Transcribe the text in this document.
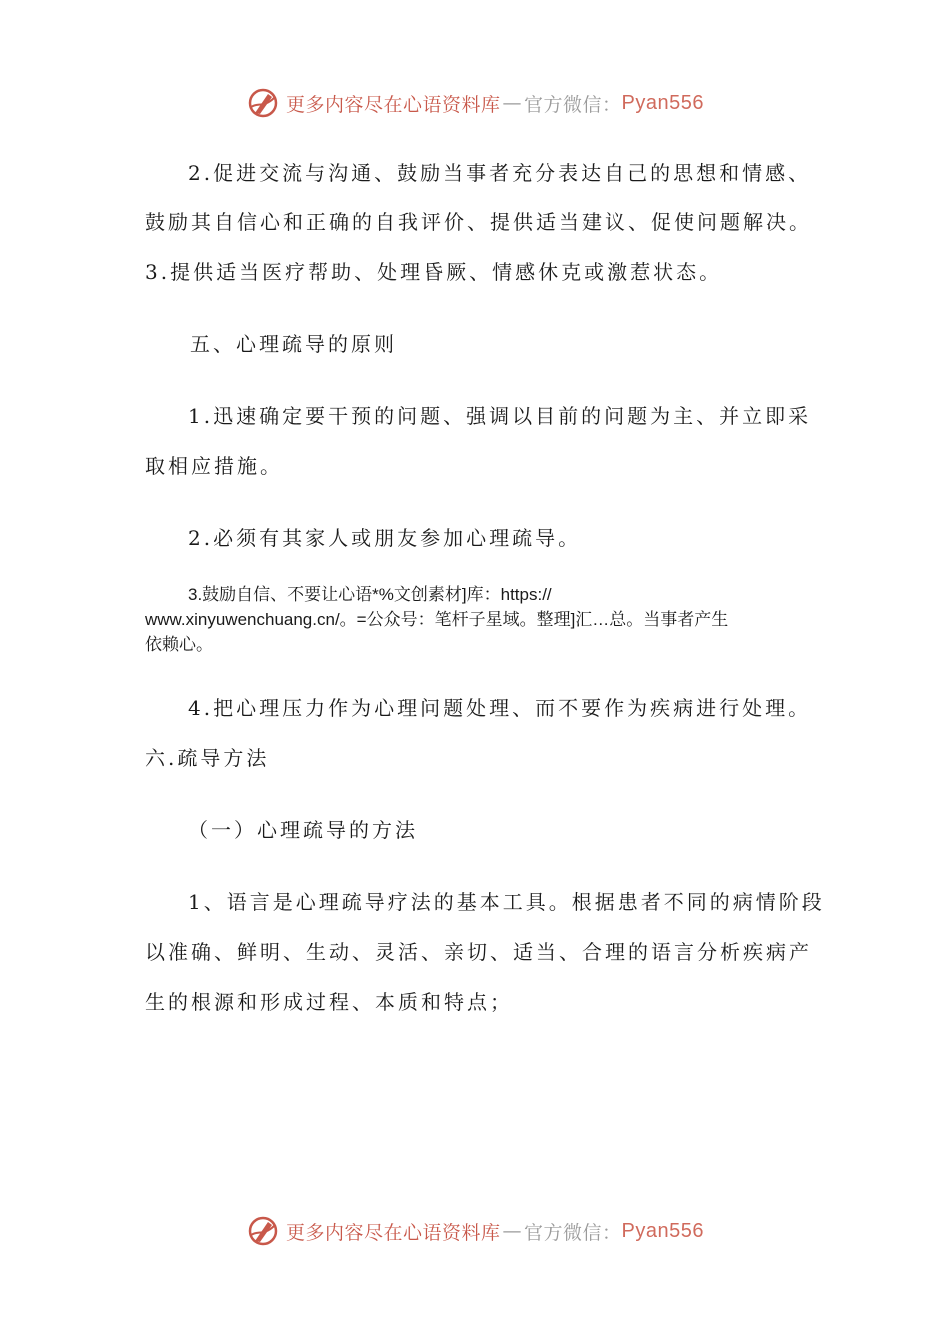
更多内容尽在心语资料库 — 官方微信： Pyan556
2.促进交流与沟通、鼓励当事者充分表达自己的思想和情感、
鼓励其自信心和正确的自我评价、提供适当建议、促使问题解决。
3.提供适当医疗帮助、处理昏厥、情感休克或激惹状态。
五、心理疏导的原则
1.迅速确定要干预的问题、强调以目前的问题为主、并立即采
取相应措施。
2.必须有其家人或朋友参加心理疏导。
3.鼓励自信、不要让心语*%文创素材]库：https://
www.xinyuwenchuang.cn/。=公众号：笔杆子星域。整理]汇…总。当事者产生
依赖心。
4.把心理压力作为心理问题处理、而不要作为疾病进行处理。
六.疏导方法
（一）心理疏导的方法
1、语言是心理疏导疗法的基本工具。根据患者不同的病情阶段
以准确、鲜明、生动、灵活、亲切、适当、合理的语言分析疾病产
生的根源和形成过程、本质和特点；
更多内容尽在心语资料库 — 官方微信： Pyan556
